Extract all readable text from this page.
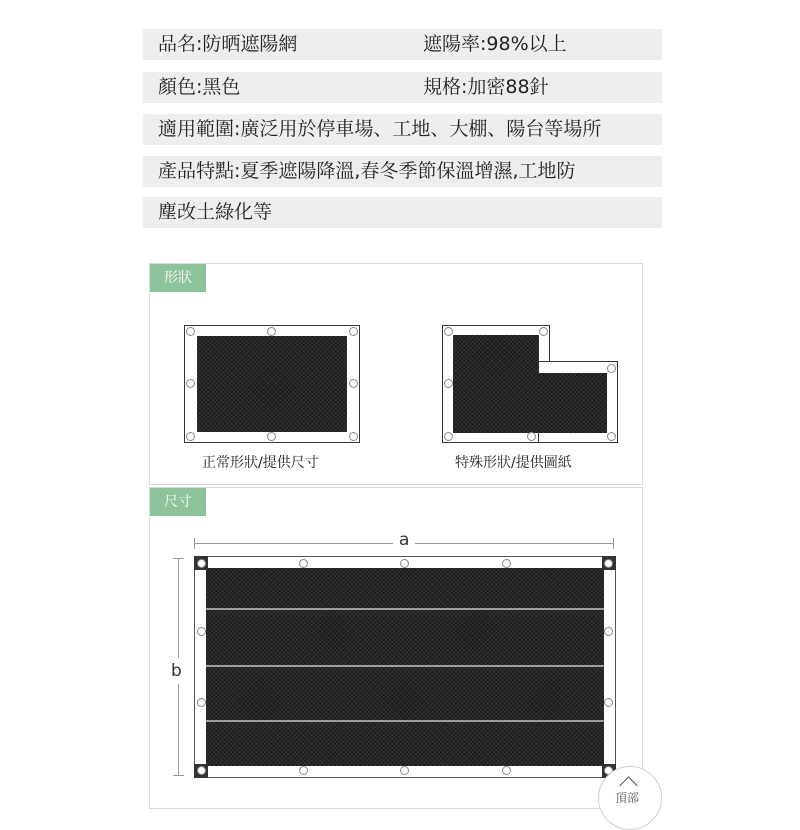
品名:防晒遮陽網	遮陽率:98%以上
顏色:黑色	規格:加密88針
適用範圍:廣泛用於停車場、工地、大棚、陽台等場所
產品特點:夏季遮陽降溫,春冬季節保溫增濕,工地防
塵改土綠化等
形狀
正常形狀/提供尺寸	特殊形狀/提供圖紙
尺寸
a
b
頂部
